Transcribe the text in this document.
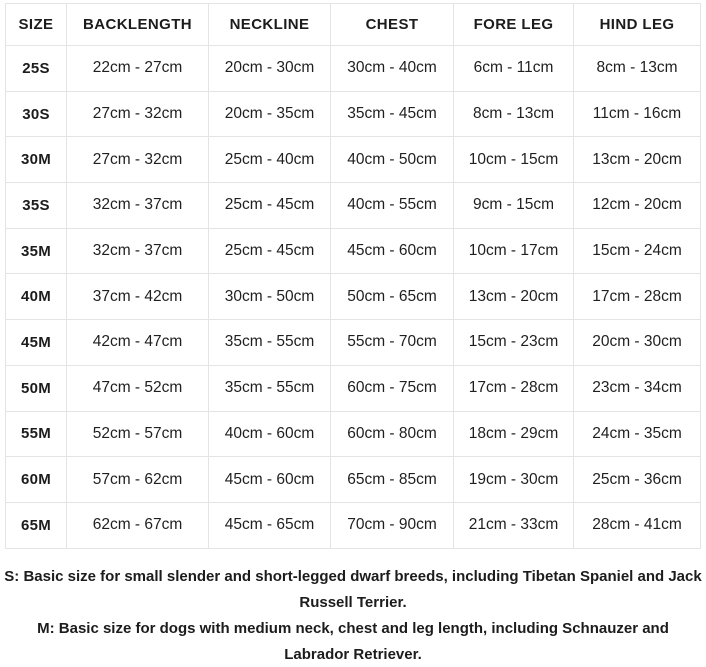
SIZE	BACKLENGTH	NECKLINE	CHEST	FORE LEG	HIND LEG
25S	22cm - 27cm	20cm - 30cm	30cm - 40cm	6cm - 11cm	8cm - 13cm
30S	27cm - 32cm	20cm - 35cm	35cm - 45cm	8cm - 13cm	11cm - 16cm
30M	27cm - 32cm	25cm - 40cm	40cm - 50cm	10cm - 15cm	13cm - 20cm
35S	32cm - 37cm	25cm - 45cm	40cm - 55cm	9cm - 15cm	12cm - 20cm
35M	32cm - 37cm	25cm - 45cm	45cm - 60cm	10cm - 17cm	15cm - 24cm
40M	37cm - 42cm	30cm - 50cm	50cm - 65cm	13cm - 20cm	17cm - 28cm
45M	42cm - 47cm	35cm - 55cm	55cm - 70cm	15cm - 23cm	20cm - 30cm
50M	47cm - 52cm	35cm - 55cm	60cm - 75cm	17cm - 28cm	23cm - 34cm
55M	52cm - 57cm	40cm - 60cm	60cm - 80cm	18cm - 29cm	24cm - 35cm
60M	57cm - 62cm	45cm - 60cm	65cm - 85cm	19cm - 30cm	25cm - 36cm
65M	62cm - 67cm	45cm - 65cm	70cm - 90cm	21cm - 33cm	28cm - 41cm

S: Basic size for small slender and short-legged dwarf breeds, including Tibetan Spaniel and Jack Russell Terrier.

M: Basic size for dogs with medium neck, chest and leg length, including Schnauzer and Labrador Retriever.
